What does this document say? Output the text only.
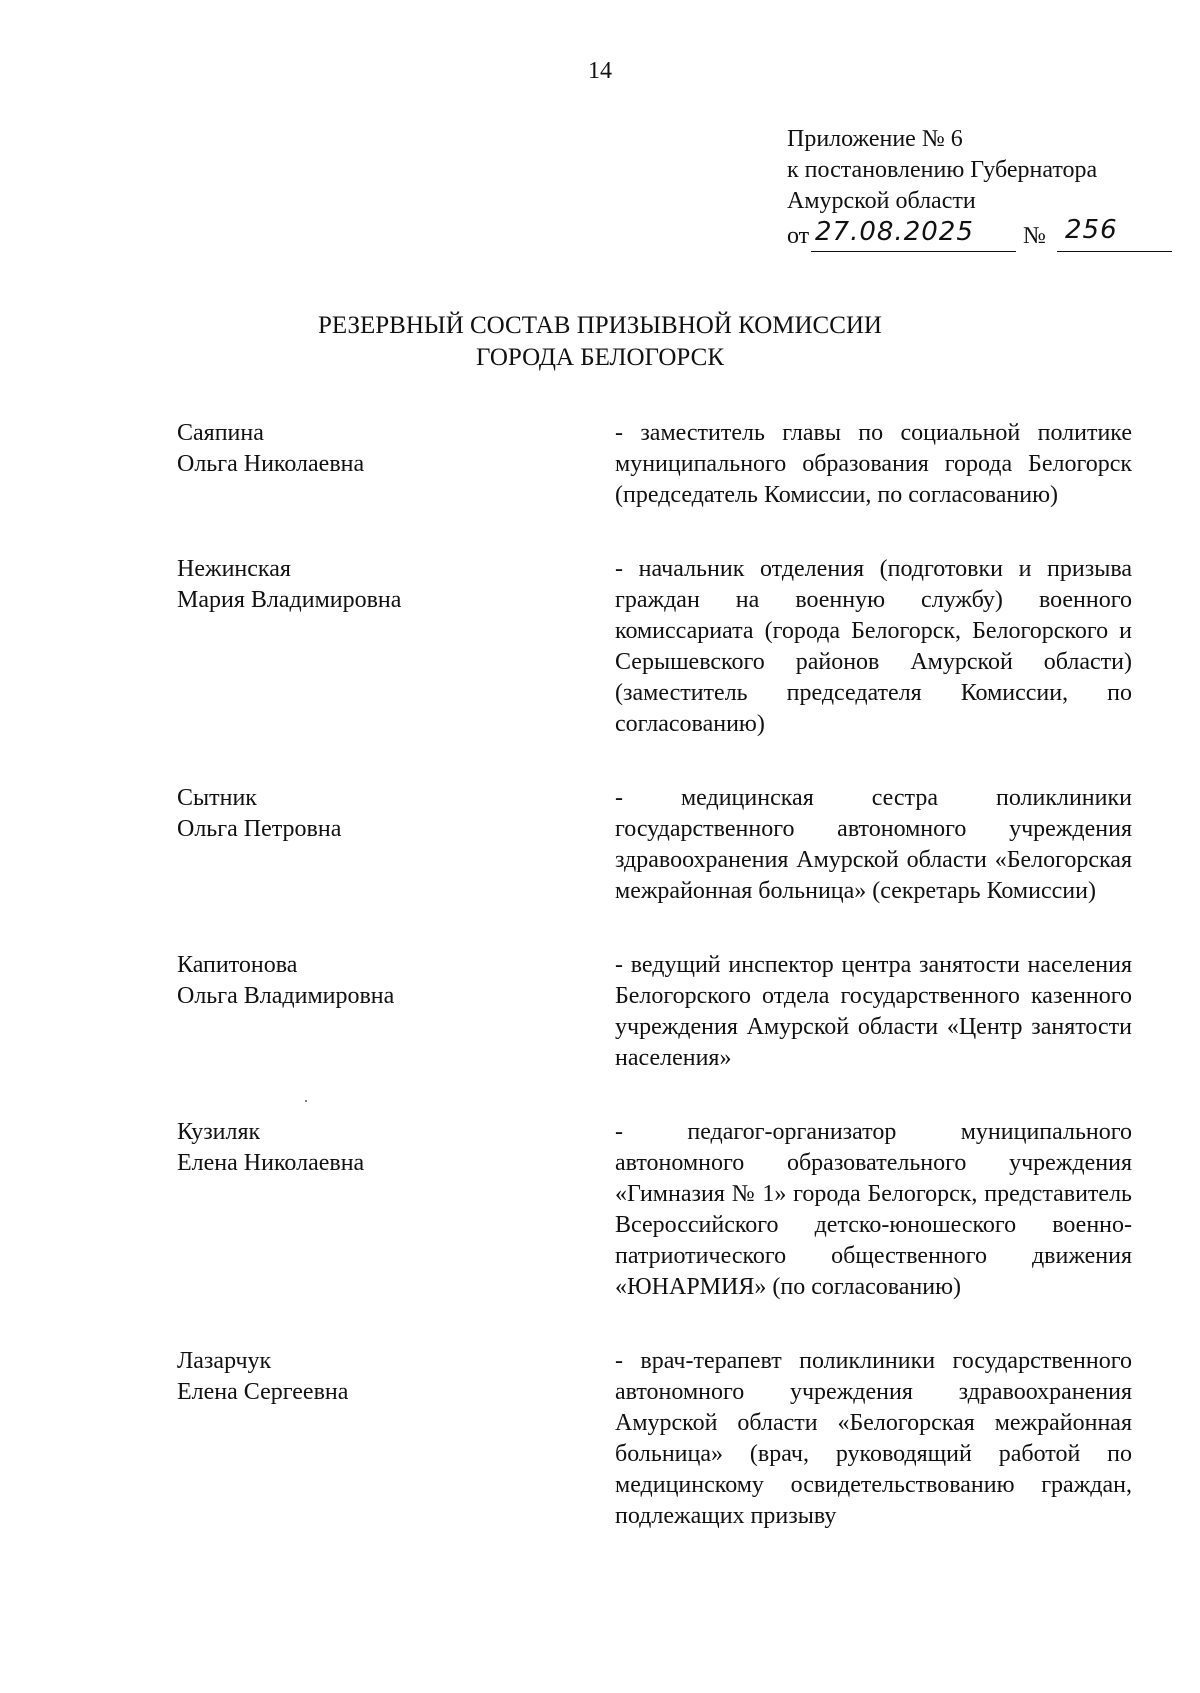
14
Приложение № 6
к постановлению Губернатора
Амурской области
от 27.08.2025 № 256
РЕЗЕРВНЫЙ СОСТАВ ПРИЗЫВНОЙ КОМИССИИ
ГОРОДА БЕЛОГОРСК
Саяпина
Ольга Николаевна
- заместитель главы по социальной политике муниципального образования города Белогорск (председатель Комиссии, по согласованию)
Нежинская
Мария Владимировна
- начальник отделения (подготовки и призыва граждан на военную службу) военного комиссариата (города Белогорск, Белогорского и Серышевского районов Амурской области) (заместитель председателя Комиссии, по согласованию)
Сытник
Ольга Петровна
- медицинская сестра поликлиники государственного автономного учреждения здравоохранения Амурской области «Белогорская межрайонная больница» (секретарь Комиссии)
Капитонова
Ольга Владимировна
- ведущий инспектор центра занятости населения Белогорского отдела государственного казенного учреждения Амурской области «Центр занятости населения»
Кузиляк
Елена Николаевна
- педагог-организатор муниципального автономного образовательного учреждения «Гимназия № 1» города Белогорск, представитель Всероссийского детско-юношеского военно-патриотического общественного движения «ЮНАРМИЯ» (по согласованию)
Лазарчук
Елена Сергеевна
- врач-терапевт поликлиники государственного автономного учреждения здравоохранения Амурской области «Белогорская межрайонная больница» (врач, руководящий работой по медицинскому освидетельствованию граждан, подлежащих призыву
